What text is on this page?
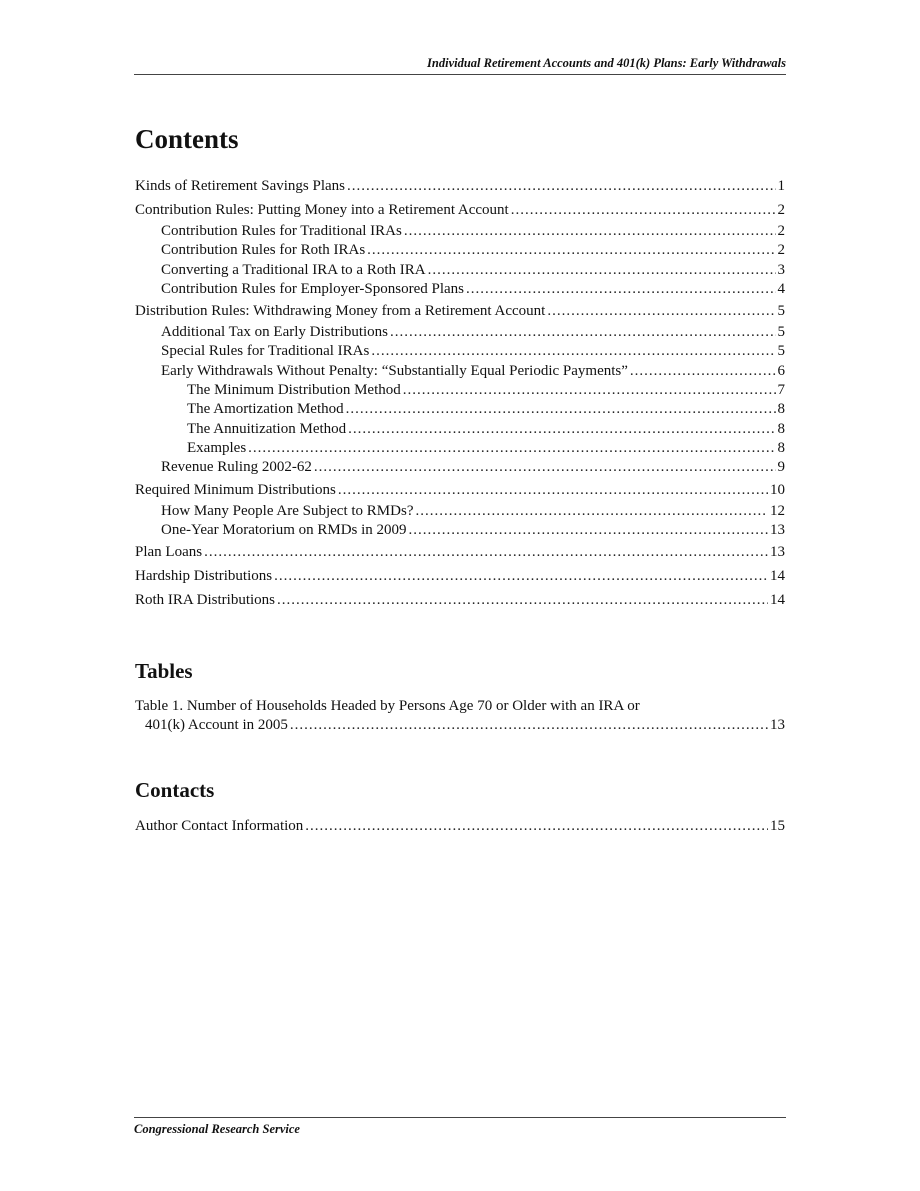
Individual Retirement Accounts and 401(k) Plans: Early Withdrawals
Contents
Kinds of Retirement Savings Plans .....	1
Contribution Rules: Putting Money into a Retirement Account .....	2
Contribution Rules for Traditional IRAs .....	2
Contribution Rules for Roth IRAs .....	2
Converting a Traditional IRA to a Roth IRA .....	3
Contribution Rules for Employer-Sponsored Plans .....	4
Distribution Rules: Withdrawing Money from a Retirement Account .....	5
Additional Tax on Early Distributions .....	5
Special Rules for Traditional IRAs .....	5
Early Withdrawals Without Penalty: “Substantially Equal Periodic Payments” .....	6
The Minimum Distribution Method .....	7
The Amortization Method .....	8
The Annuitization Method .....	8
Examples .....	8
Revenue Ruling 2002-62 .....	9
Required Minimum Distributions .....	10
How Many People Are Subject to RMDs? .....	12
One-Year Moratorium on RMDs in 2009 .....	13
Plan Loans .....	13
Hardship Distributions .....	14
Roth IRA Distributions .....	14
Tables
Table 1. Number of Households Headed by Persons Age 70 or Older with an IRA or
401(k) Account in 2005 .....	13
Contacts
Author Contact Information .....	15
Congressional Research Service
